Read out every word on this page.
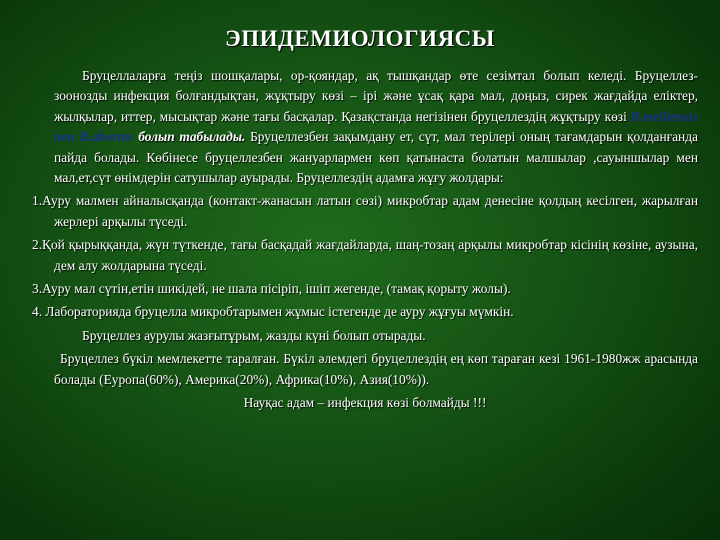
ЭПИДЕМИОЛОГИЯСЫ

Бруцеллаларға теңіз шошқалары, ор-қояндар, ақ тышқандар өте сезімтал болып келеді. Бруцеллез-зоонозды инфекция болғандықтан, жұқтыру көзі – ірі және ұсақ қара мал, доңыз, сирек жағдайда еліктер, жылқылар, иттер, мысықтар және тағы басқалар. Қазақстанда негізінен бруцеллездің жұқтыру көзі B.melitensis пен B.abortus болып табылады. Бруцеллезбен зақымдану ет, сүт, мал терілері оның тағамдарын қолданғанда пайда болады. Көбінесе бруцеллезбен жануарлармен көп қатынаста болатын малшылар ,сауыншылар мен мал,ет,сүт өнімдерін сатушылар ауырады. Бруцеллездің адамға жұғу жолдары:

1.Ауру малмен айналысқанда (контакт-жанасын латын сөзі) микробтар адам денесіне қолдың кесілген, жарылған жерлері арқылы түседі.

2.Қой қырыққанда, жүн түткенде, тағы басқадай жағдайларда, шаң-тозаң арқылы микробтар кісінің көзіне, аузына, дем алу жолдарына түседі.

3.Ауру мал сүтін,етін шикідей, не шала пісіріп, ішіп жегенде, (тамақ қорыту жолы).

4. Лабораторияда бруцелла микробтарымен жұмыс істегенде де ауру жұғуы мүмкін.

Бруцеллез аурулы жазғытұрым, жазды күні болып отырады.

Бруцеллез бүкіл мемлекетте таралған. Бүкіл әлемдегі бруцеллездің ең көп тараған кезі 1961-1980жж арасында болады (Еуропа(60%), Америка(20%), Африка(10%), Азия(10%)).

Науқас адам – инфекция көзі болмайды !!!
